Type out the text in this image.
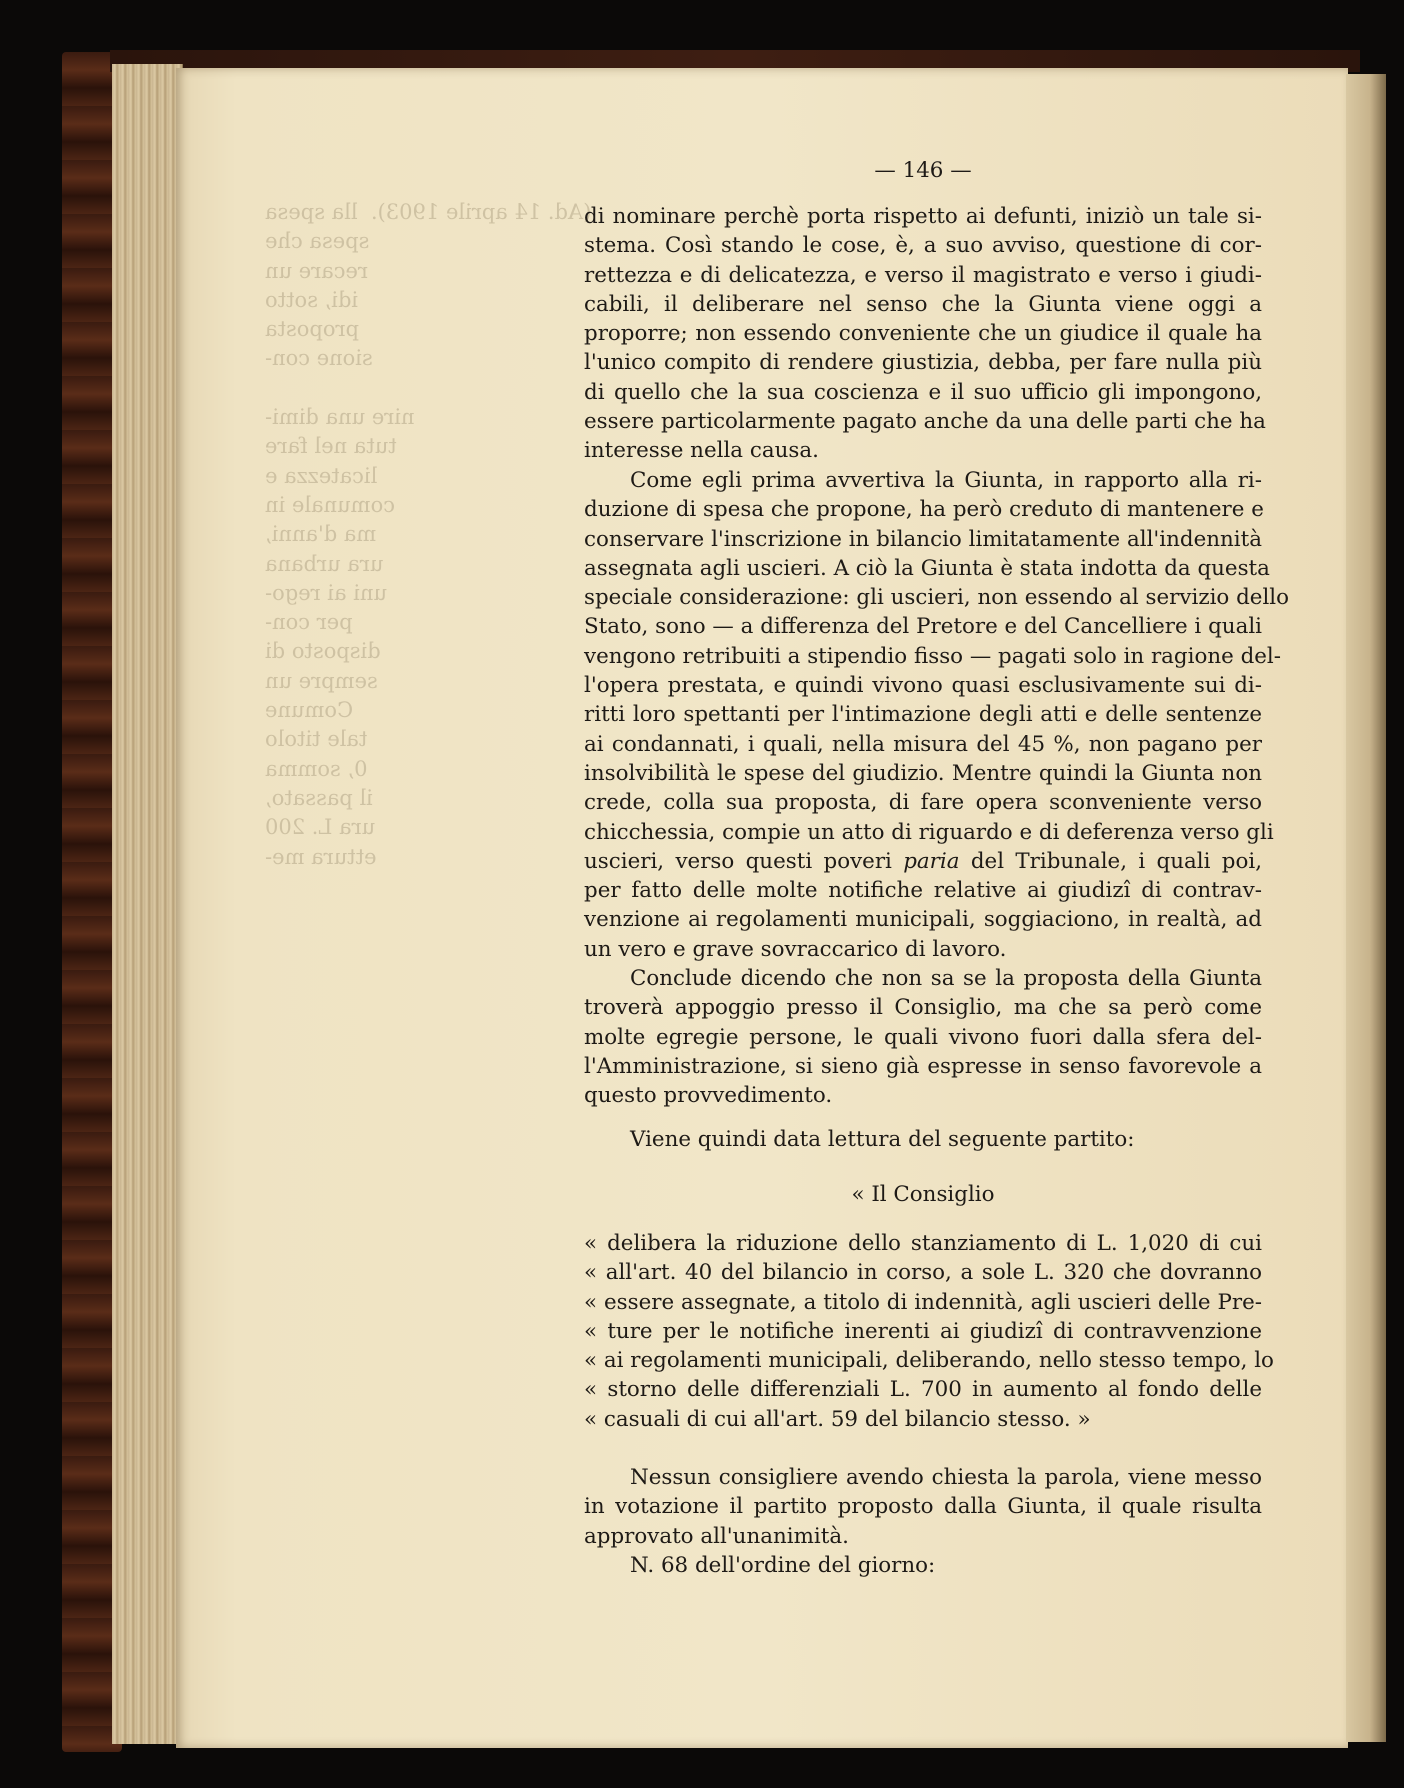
(Ad. 14 aprile 1903).  lla spesa
spesa che
recare un
idi, sotto
proposta
sione con-

nire una dimi-
tuta nel fare
licatezza e
comunale in
ma d'anni,
ura urbana
uni ai rego-
per con-
disposto di
sempre un
Comune
tale titolo
0, somma
il passato,
ura L. 200
ettura me-
— 146 —
di nominare perchè porta rispetto ai defunti, iniziò un tale si-
stema. Così stando le cose, è, a suo avviso, questione di cor-
rettezza e di delicatezza, e verso il magistrato e verso i giudi-
cabili, il deliberare nel senso che la Giunta viene oggi a
proporre; non essendo conveniente che un giudice il quale ha
l'unico compito di rendere giustizia, debba, per fare nulla più
di quello che la sua coscienza e il suo ufficio gli impongono,
essere particolarmente pagato anche da una delle parti che ha
interesse nella causa.
Come egli prima avvertiva la Giunta, in rapporto alla ri-
duzione di spesa che propone, ha però creduto di mantenere e
conservare l'inscrizione in bilancio limitatamente all'indennità
assegnata agli uscieri. A ciò la Giunta è stata indotta da questa
speciale considerazione: gli uscieri, non essendo al servizio dello
Stato, sono — a differenza del Pretore e del Cancelliere i quali
vengono retribuiti a stipendio fisso — pagati solo in ragione del-
l'opera prestata, e quindi vivono quasi esclusivamente sui di-
ritti loro spettanti per l'intimazione degli atti e delle sentenze
ai condannati, i quali, nella misura del 45 %, non pagano per
insolvibilità le spese del giudizio. Mentre quindi la Giunta non
crede, colla sua proposta, di fare opera sconveniente verso
chicchessia, compie un atto di riguardo e di deferenza verso gli
uscieri, verso questi poveri paria del Tribunale, i quali poi,
per fatto delle molte notifiche relative ai giudizî di contrav-
venzione ai regolamenti municipali, soggiaciono, in realtà, ad
un vero e grave sovraccarico di lavoro.
Conclude dicendo che non sa se la proposta della Giunta
troverà appoggio presso il Consiglio, ma che sa però come
molte egregie persone, le quali vivono fuori dalla sfera del-
l'Amministrazione, si sieno già espresse in senso favorevole a
questo provvedimento.
Viene quindi data lettura del seguente partito:
« Il Consiglio
« delibera la riduzione dello stanziamento di L. 1,020 di cui
« all'art. 40 del bilancio in corso, a sole L. 320 che dovranno
« essere assegnate, a titolo di indennità, agli uscieri delle Pre-
« ture per le notifiche inerenti ai giudizî di contravvenzione
« ai regolamenti municipali, deliberando, nello stesso tempo, lo
« storno delle differenziali L. 700 in aumento al fondo delle
« casuali di cui all'art. 59 del bilancio stesso. »
Nessun consigliere avendo chiesta la parola, viene messo
in votazione il partito proposto dalla Giunta, il quale risulta
approvato all'unanimità.
N. 68 dell'ordine del giorno:
